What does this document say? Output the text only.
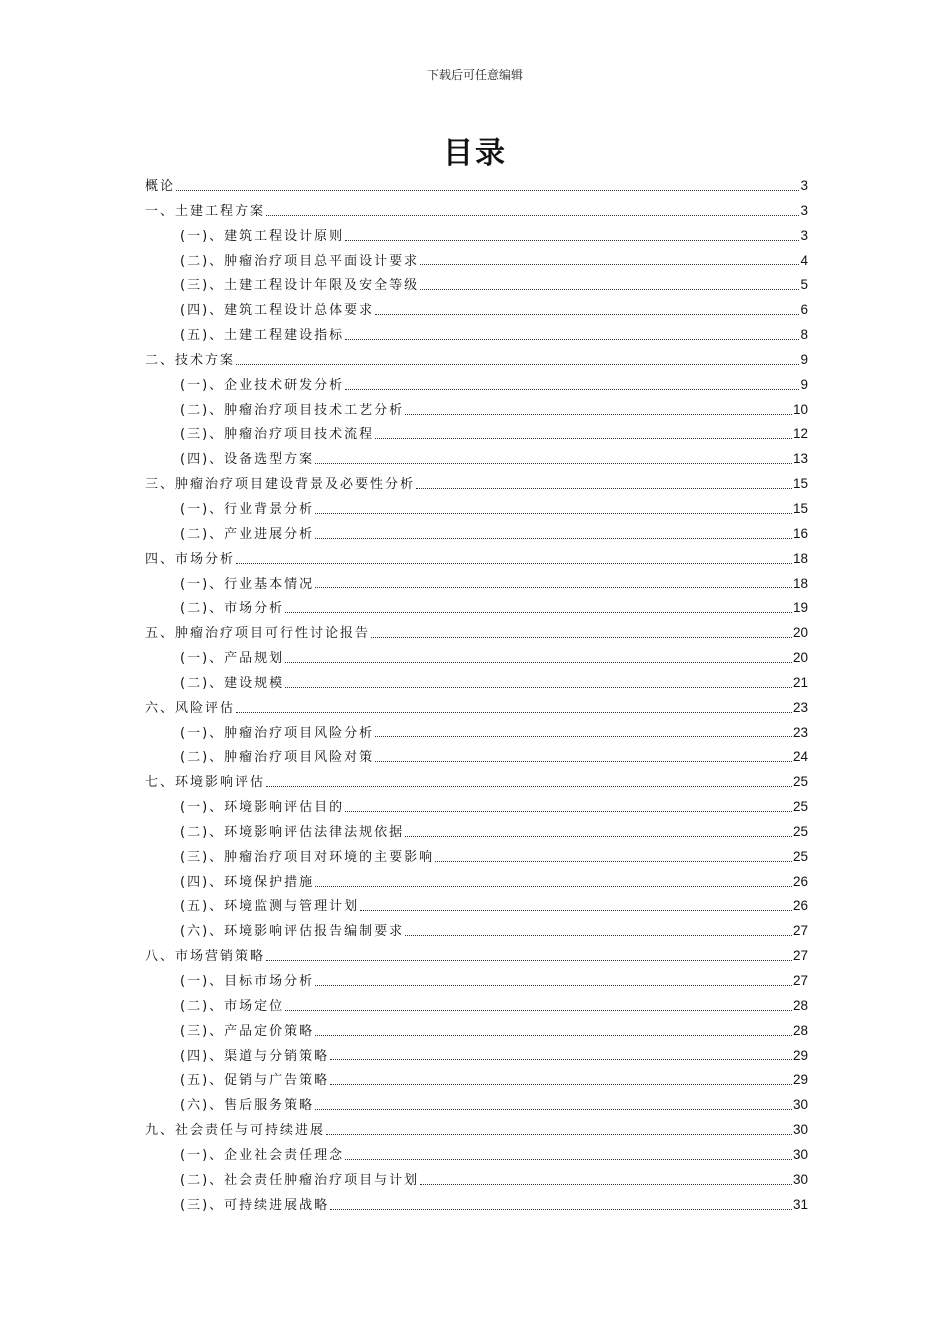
下载后可任意编辑
目录
概论	3
一、土建工程方案	3
(一)、建筑工程设计原则	3
(二)、肿瘤治疗项目总平面设计要求	4
(三)、土建工程设计年限及安全等级	5
(四)、建筑工程设计总体要求	6
(五)、土建工程建设指标	8
二、技术方案	9
(一)、企业技术研发分析	9
(二)、肿瘤治疗项目技术工艺分析	10
(三)、肿瘤治疗项目技术流程	12
(四)、设备选型方案	13
三、肿瘤治疗项目建设背景及必要性分析	15
(一)、行业背景分析	15
(二)、产业进展分析	16
四、市场分析	18
(一)、行业基本情况	18
(二)、市场分析	19
五、肿瘤治疗项目可行性讨论报告	20
(一)、产品规划	20
(二)、建设规模	21
六、风险评估	23
(一)、肿瘤治疗项目风险分析	23
(二)、肿瘤治疗项目风险对策	24
七、环境影响评估	25
(一)、环境影响评估目的	25
(二)、环境影响评估法律法规依据	25
(三)、肿瘤治疗项目对环境的主要影响	25
(四)、环境保护措施	26
(五)、环境监测与管理计划	26
(六)、环境影响评估报告编制要求	27
八、市场营销策略	27
(一)、目标市场分析	27
(二)、市场定位	28
(三)、产品定价策略	28
(四)、渠道与分销策略	29
(五)、促销与广告策略	29
(六)、售后服务策略	30
九、社会责任与可持续进展	30
(一)、企业社会责任理念	30
(二)、社会责任肿瘤治疗项目与计划	30
(三)、可持续进展战略	31
